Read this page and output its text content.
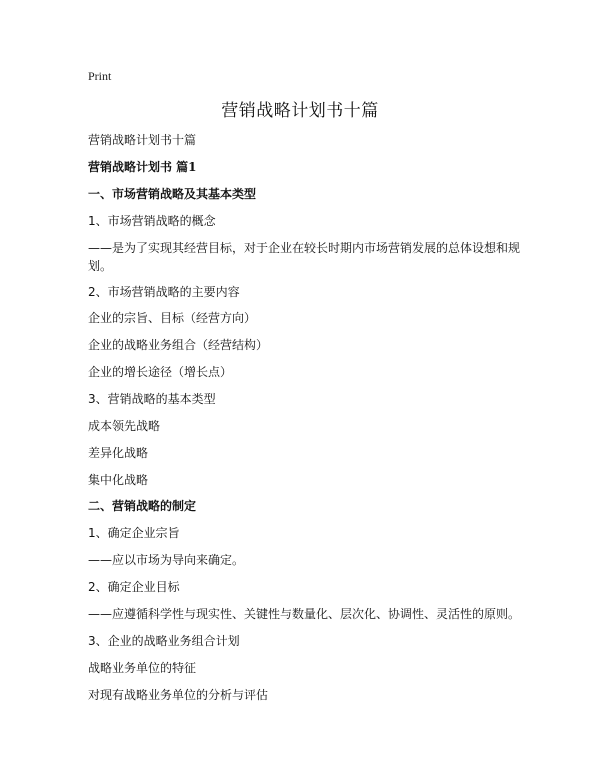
Print
营销战略计划书十篇

营销战略计划书十篇

营销战略计划书 篇1

一、市场营销战略及其基本类型

1、市场营销战略的概念

——是为了实现其经营目标，对于企业在较长时期内市场营销发展的总体设想和规划。

2、市场营销战略的主要内容

企业的宗旨、目标（经营方向）

企业的战略业务组合（经营结构）

企业的增长途径（增长点）

3、营销战略的基本类型

成本领先战略

差异化战略

集中化战略

二、营销战略的制定

1、确定企业宗旨

——应以市场为导向来确定。

2、确定企业目标

——应遵循科学性与现实性、关键性与数量化、层次化、协调性、灵活性的原则。

3、企业的战略业务组合计划

战略业务单位的特征

对现有战略业务单位的分析与评估
